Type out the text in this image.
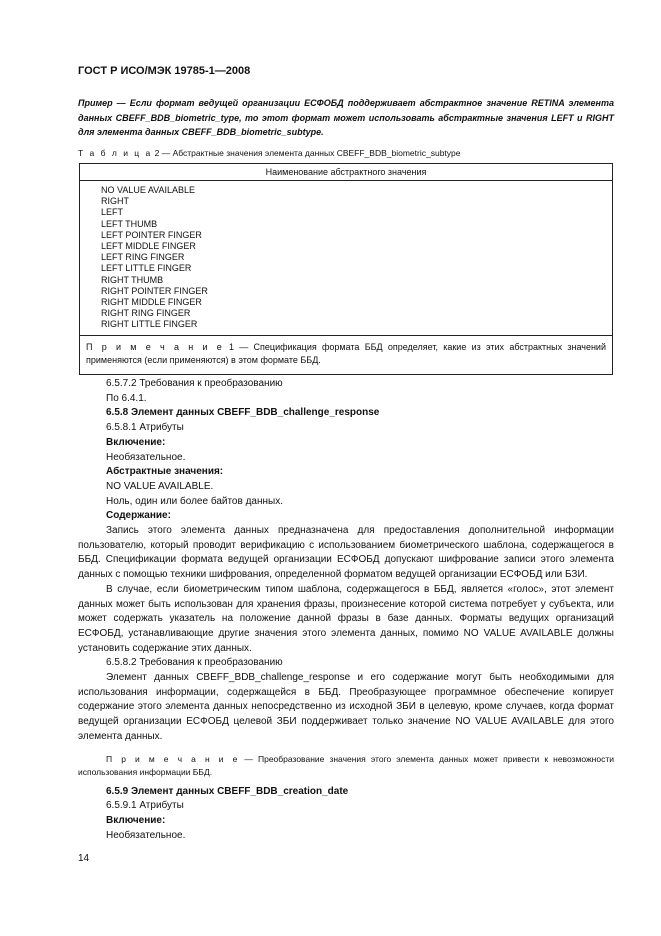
ГОСТ Р ИСО/МЭК 19785-1—2008
Пример — Если формат ведущей организации ЕСФОБД поддерживает абстрактное значение RETINA элемента данных CBEFF_BDB_biometric_type, то этот формат может использовать абстрактные значения LEFT и RIGHT для элемента данных CBEFF_BDB_biometric_subtype.
Т а б л и ц а 2 — Абстрактные значения элемента данных CBEFF_BDB_biometric_subtype
Наименование абстрактного значения

NO VALUE AVAILABLE
RIGHT
LEFT
LEFT THUMB
LEFT POINTER FINGER
LEFT MIDDLE FINGER
LEFT RING FINGER
LEFT LITTLE FINGER
RIGHT THUMB
RIGHT POINTER FINGER
RIGHT MIDDLE FINGER
RIGHT RING FINGER
RIGHT LITTLE FINGER

П р и м е ч а н и е 1 — Спецификация формата ББД определяет, какие из этих абстрактных значений применяются (если применяются) в этом формате ББД.
6.5.7.2 Требования к преобразованию
По 6.4.1.
6.5.8 Элемент данных CBEFF_BDB_challenge_response
6.5.8.1 Атрибуты
Включение:
Необязательное.
Абстрактные значения:
NO VALUE AVAILABLE.
Ноль, один или более байтов данных.
Содержание:
Запись этого элемента данных предназначена для предоставления дополнительной информации пользователю, который проводит верификацию с использованием биометрического шаблона, содержащегося в ББД. Спецификации формата ведущей организации ЕСФОБД допускают шифрование записи этого элемента данных с помощью техники шифрования, определенной форматом ведущей организации ЕСФОБД или БЗИ.
В случае, если биометрическим типом шаблона, содержащегося в ББД, является «голос», этот элемент данных может быть использован для хранения фразы, произнесение которой система потребует у субъекта, или может содержать указатель на положение данной фразы в базе данных. Форматы ведущих организаций ЕСФОБД, устанавливающие другие значения этого элемента данных, помимо NO VALUE AVAILABLE должны установить содержание этих данных.
6.5.8.2 Требования к преобразованию
Элемент данных CBEFF_BDB_challenge_response и его содержание могут быть необходимыми для использования информации, содержащейся в ББД. Преобразующее программное обеспечение копирует содержание этого элемента данных непосредственно из исходной ЗБИ в целевую, кроме случаев, когда формат ведущей организации ЕСФОБД целевой ЗБИ поддерживает только значение NO VALUE AVAILABLE для этого элемента данных.
П р и м е ч а н и е — Преобразование значения этого элемента данных может привести к невозможности использования информации ББД.
6.5.9 Элемент данных CBEFF_BDB_creation_date
6.5.9.1 Атрибуты
Включение:
Необязательное.
14
